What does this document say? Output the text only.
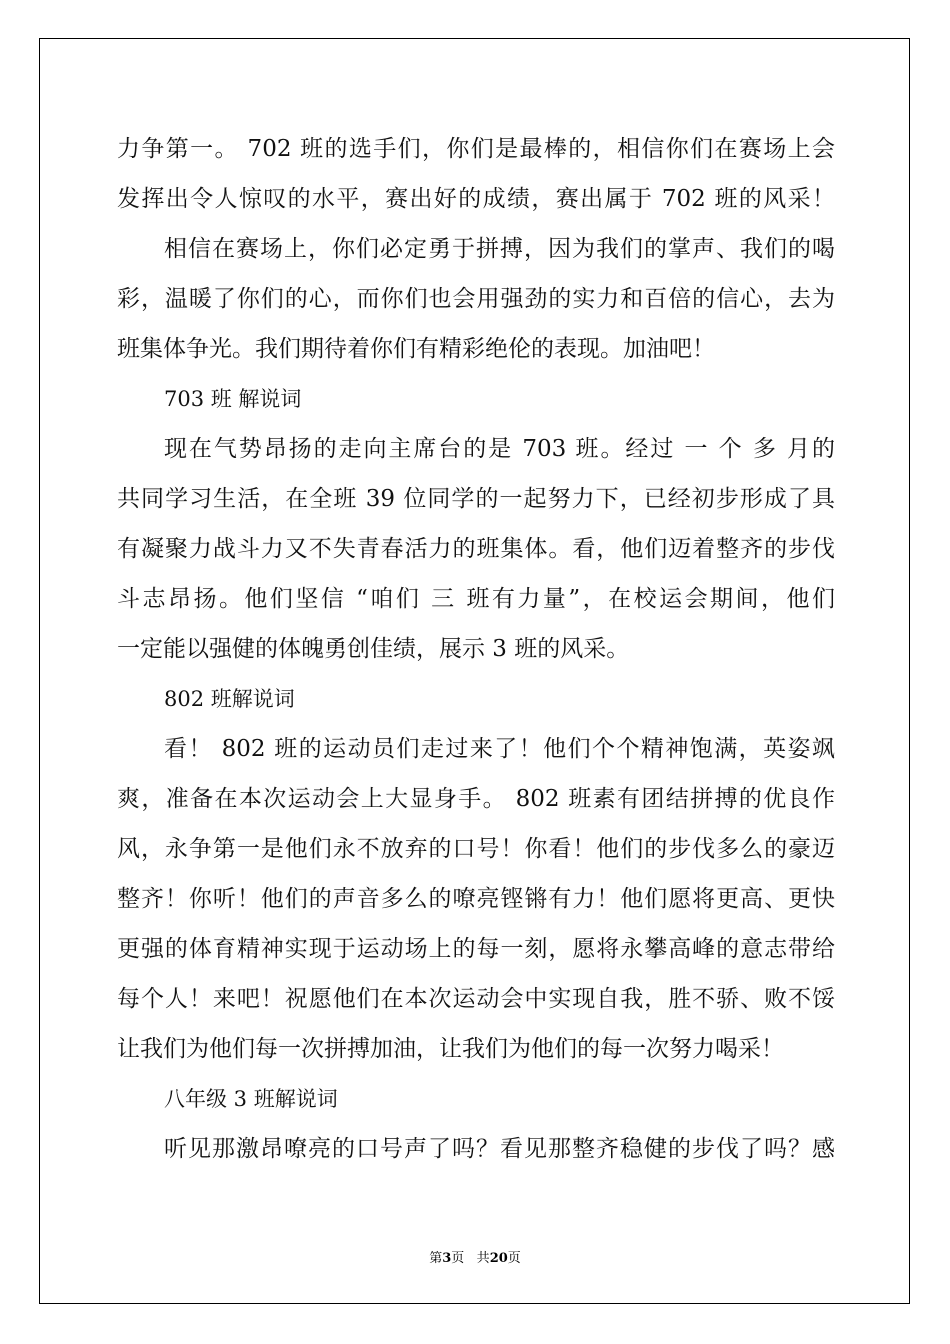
力争第一。 702 班的选手们，你们是最棒的，相信你们在赛场上会
发挥出令人惊叹的水平，赛出好的成绩，赛出属于 702 班的风采！
相信在赛场上，你们必定勇于拼搏，因为我们的掌声、我们的喝
彩，温暖了你们的心，而你们也会用强劲的实力和百倍的信心，去为
班集体争光。我们期待着你们有精彩绝伦的表现。加油吧！
703 班 解说词
现在气势昂扬的走向主席台的是 703 班。经过 一 个 多 月的
共同学习生活，在全班 39 位同学的一起努力下，已经初步形成了具
有凝聚力战斗力又不失青春活力的班集体。看，他们迈着整齐的步伐
斗志昂扬。他们坚信 “咱们 三 班有力量”，在校运会期间，他们
一定能以强健的体魄勇创佳绩，展示 3 班的风采。
802 班解说词
看！ 802 班的运动员们走过来了！他们个个精神饱满，英姿飒
爽，准备在本次运动会上大显身手。 802 班素有团结拼搏的优良作
风，永争第一是他们永不放弃的口号！你看！他们的步伐多么的豪迈
整齐！你听！他们的声音多么的嘹亮铿锵有力！他们愿将更高、更快
更强的体育精神实现于运动场上的每一刻，愿将永攀高峰的意志带给
每个人！来吧！祝愿他们在本次运动会中实现自我，胜不骄、败不馁
让我们为他们每一次拼搏加油，让我们为他们的每一次努力喝采！
八年级 3 班解说词
听见那激昂嘹亮的口号声了吗？看见那整齐稳健的步伐了吗？感
第3页 共20页
